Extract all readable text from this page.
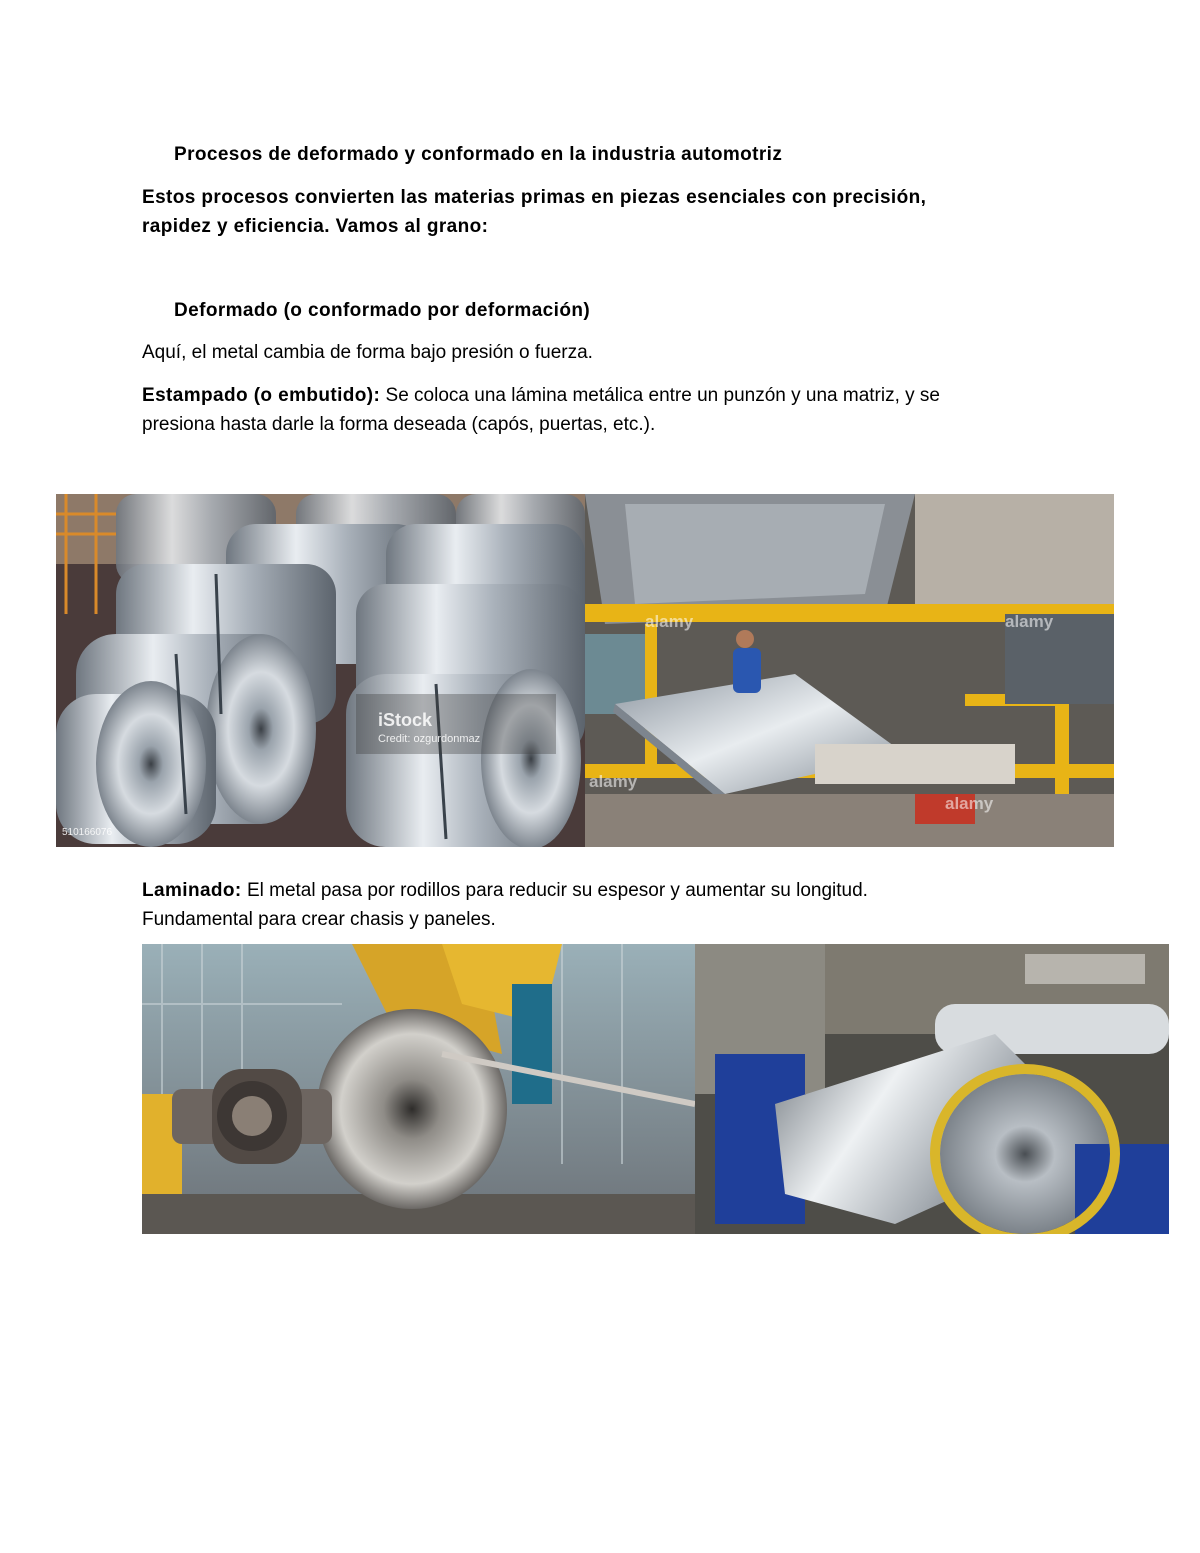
Procesos de deformado y conformado en la industria automotriz
Estos procesos convierten las materias primas en piezas esenciales con precisión,
rapidez y eficiencia. Vamos al grano:
Deformado (o conformado por deformación)
Aquí, el metal cambia de forma bajo presión o fuerza.
Estampado (o embutido): Se coloca una lámina metálica entre un punzón y una matriz, y se
presiona hasta darle la forma deseada (capós, puertas, etc.).
iStock
Credit: ozgurdonmaz
510166076
alamy	alamy
alamy
alamy
Laminado: El metal pasa por rodillos para reducir su espesor y aumentar su longitud.
Fundamental para crear chasis y paneles.
